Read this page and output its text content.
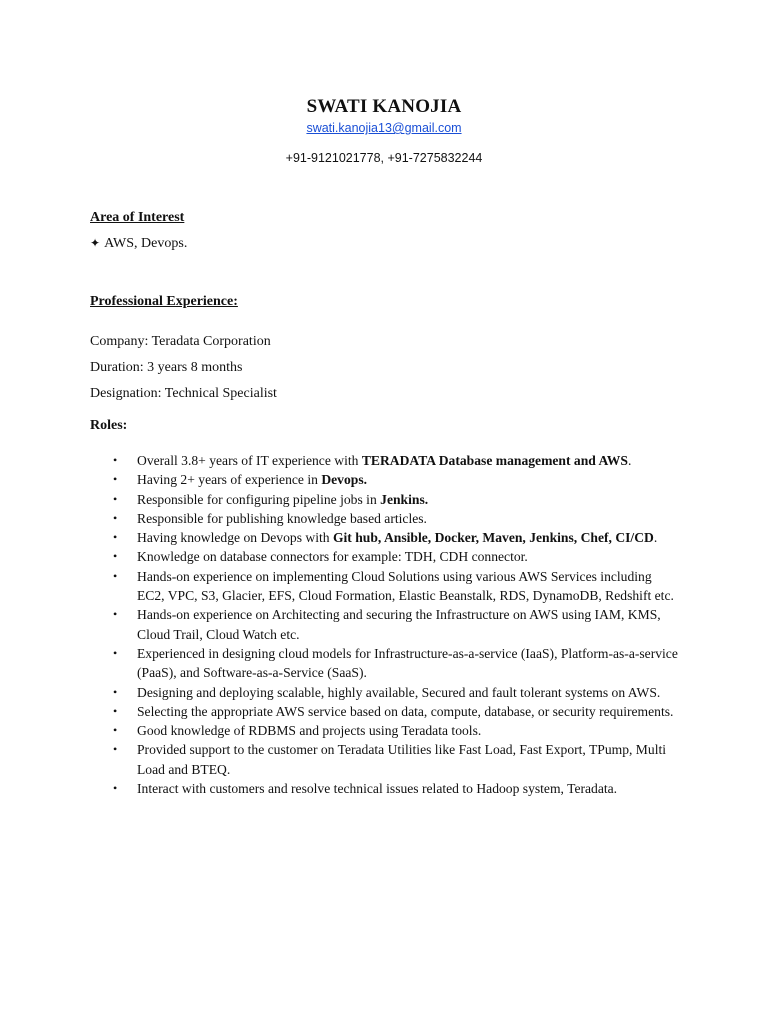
SWATI KANOJIA
swati.kanojia13@gmail.com
+91-9121021778, +91-7275832244
Area of Interest
✦ AWS, Devops.
Professional Experience:
Company: Teradata Corporation
Duration: 3 years 8 months
Designation: Technical Specialist
Roles:
• Overall 3.8+ years of IT experience with TERADATA Database management and AWS.
• Having 2+ years of experience in Devops.
• Responsible for configuring pipeline jobs in Jenkins.
• Responsible for publishing knowledge based articles.
• Having knowledge on Devops with Git hub, Ansible, Docker, Maven, Jenkins, Chef, CI/CD.
• Knowledge on database connectors for example: TDH, CDH connector.
• Hands-on experience on implementing Cloud Solutions using various AWS Services including EC2, VPC, S3, Glacier, EFS, Cloud Formation, Elastic Beanstalk, RDS, DynamoDB, Redshift etc.
• Hands-on experience on Architecting and securing the Infrastructure on AWS using IAM, KMS, Cloud Trail, Cloud Watch etc.
• Experienced in designing cloud models for Infrastructure-as-a-service (IaaS), Platform-as-a-service (PaaS), and Software-as-a-Service (SaaS).
•	Designing and deploying scalable, highly available, Secured and fault tolerant systems on AWS.
• Selecting the appropriate AWS service based on data, compute, database, or security requirements.
• Good knowledge of RDBMS and projects using Teradata tools.
• Provided support to the customer on Teradata Utilities like Fast Load, Fast Export, TPump, Multi Load and BTEQ.
• Interact with customers and resolve technical issues related to Hadoop system, Teradata.
